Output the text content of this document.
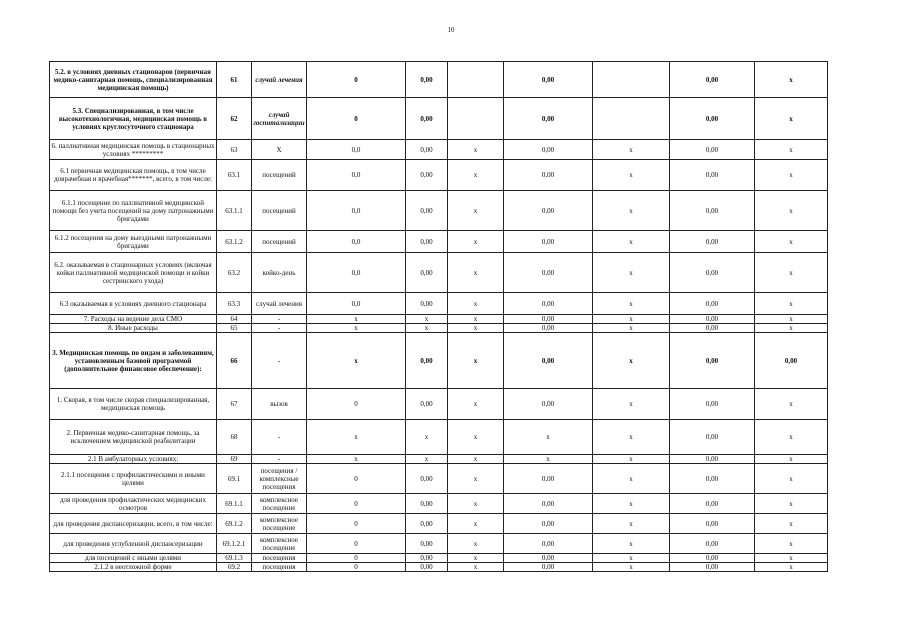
10
5.2. в условиях дневных стационаров (первичная медико-санитарная помощь, специализированная медицинская помощь)	61	случай лечения	0	0,00		0,00		0,00	х
5.3. Специализированная, в том числе высокотехнологичная, медицинская помощь в условиях круглосуточного стационара	62	случай госпитализации	0	0,00		0,00		0,00	х
6. паллиативная медицинская помощь в стационарных условиях *********	63	Х	0,0	0,00	х	0,00	х	0,00	х
6.1 первичная медицинская помощь, в том числе доврачебная и врачебная*******, всего, в том числе:	63.1	посещений	0,0	0,00	х	0,00	х	0,00	х
6.1.1 посещение по паллиативной медицинской помощи без учета посещений на дому патронажными бригадами	63.1.1	посещений	0,0	0,00	х	0,00	х	0,00	х
6.1.2 посещения на дому выездными патронажными бригадами	63.1.2	посещений	0,0	0,00	х	0,00	х	0,00	х
6.2. оказываемая в стационарных условиях (включая койки паллиативной медицинской помощи и койки сестринского ухода)	63.2	койко-день	0,0	0,00	х	0,00	х	0,00	х
6.3 оказываемая в условиях дневного стационара	63.3	случай лечения	0,0	0,00	х	0,00	х	0,00	х
7. Расходы на ведение дела СМО	64	-	х	х	х	0,00	х	0,00	х
8. Иные расходы	65	-	х	х	х	0,00	х	0,00	х
3. Медицинская помощь по видам и заболеваниям, установленным базовой программой (дополнительное финансовое обеспечение):	66	-	х	0,00	х	0,00	х	0,00	0,00
1. Скорая, в том числе скорая специализированная, медицинская помощь	67	вызов	0	0,00	х	0,00	х	0,00	х
2. Первичная медико-санитарная помощь, за исключением медицинской реабилитации	68	-	х	х	х	х	х	0,00	х
2.1 В амбулаторных условиях:	69	-	х	х	х	х	х	0,00	х
2.1.1 посещения с профилактическими и иными целями	69.1	посещения / комплексные посещения	0	0,00	х	0,00	х	0,00	х
для проведения профилактических медицинских осмотров	69.1.1	комплексное посещение	0	0,00	х	0,00	х	0,00	х
для проведения диспансеризации, всего, в том числе:	69.1.2	комплексное посещение	0	0,00	х	0,00	х	0,00	х
для проведения углубленной диспансеризации	69.1.2.1	комплексное посещение	0	0,00	х	0,00	х	0,00	х
для посещений с иными целями	69.1.3	посещения	0	0,00	х	0,00	х	0,00	х
2.1.2 в неотложной форме	69.2	посещения	0	0,00	х	0,00	х	0,00	х
